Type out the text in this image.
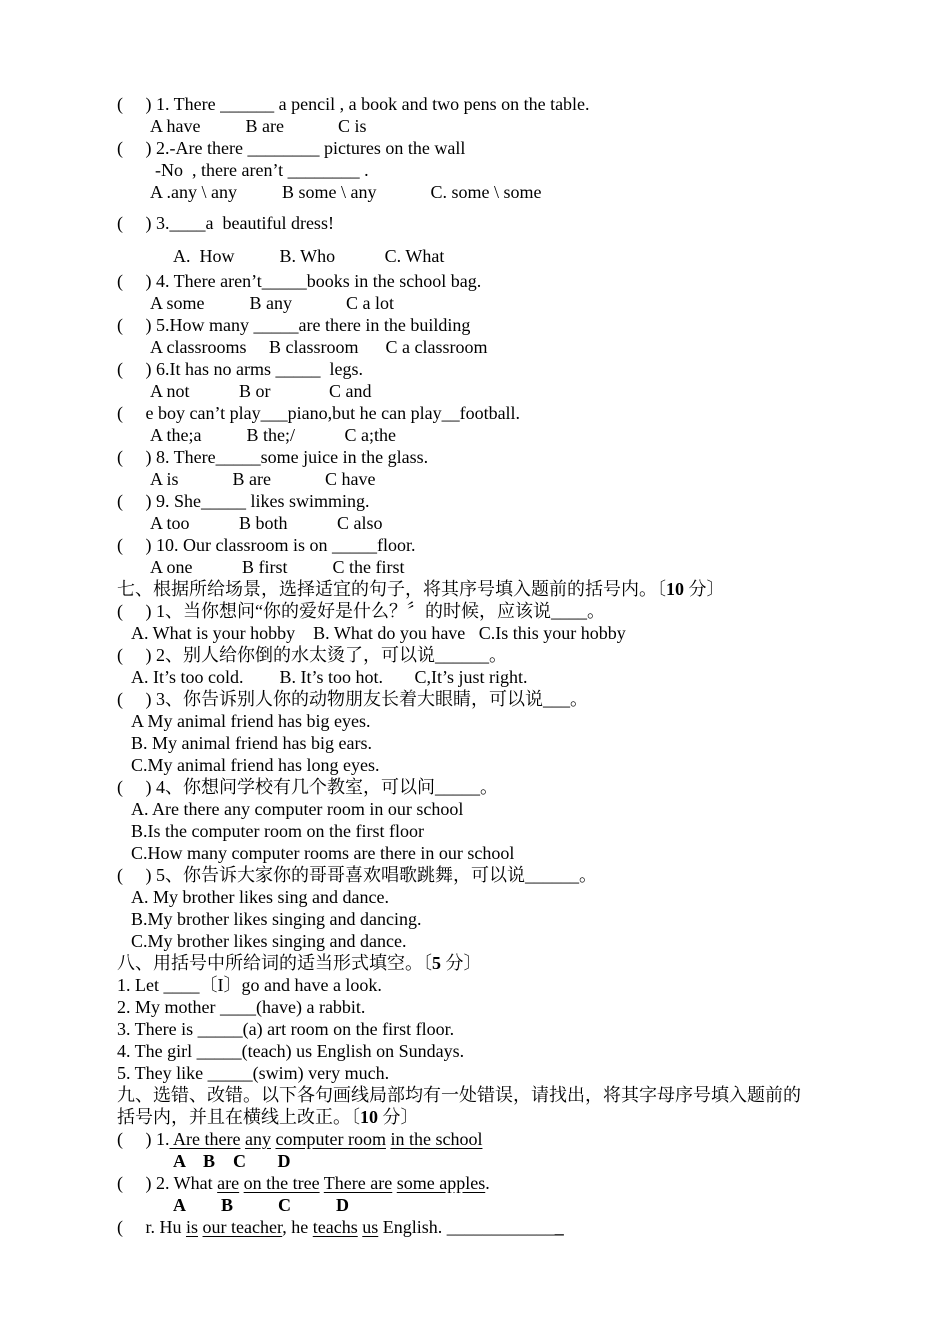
(     ) 1. There ______ a pencil , a book and two pens on the table.
A have          B are            C is
(     ) 2.-Are there ________ pictures on the wall
-No  , there aren’t ________ .
A .any \ any          B some \ any            C. some \ some
(     ) 3.____a  beautiful dress!
A.  How          B. Who           C. What
(     ) 4. There aren’t_____books in the school bag.
A some          B any            C a lot
(     ) 5.How many _____are there in the building
A classrooms     B classroom      C a classroom
(     ) 6.It has no arms _____  legs.
A not           B or             C and
(     e boy can’t play___piano,but he can play__football.
A the;a          B the;/           C a;the
(     ) 8. There_____some juice in the glass.
A is            B are            C have
(     ) 9. She_____ likes swimming.
A too           B both           C also
(     ) 10. Our classroom is on _____floor.
A one           B first          C the first
七、根据所给场景，选择适宜的句子，将其序号填入题前的括号内。〔10 分〕
(     ) 1、当你想问“你的爱好是什么？〞的时候，应该说____。
A. What is your hobby    B. What do you have   C.Is this your hobby
(     ) 2、别人给你倒的水太烫了，可以说______。
A. It’s too cold.        B. It’s too hot.       C,It’s just right.
(     ) 3、你告诉别人你的动物朋友长着大眼睛，可以说___。
A My animal friend has big eyes.
B. My animal friend has big ears.
C.My animal friend has long eyes.
(     ) 4、你想问学校有几个教室，可以问_____。
A. Are there any computer room in our school
B.Is the computer room on the first floor
C.How many computer rooms are there in our school
(     ) 5、你告诉大家你的哥哥喜欢唱歌跳舞，可以说______。
A. My brother likes sing and dance.
B.My brother likes singing and dancing.
C.My brother likes singing and dance.
八、用括号中所给词的适当形式填空。〔5 分〕
1. Let ____〔I〕go and have a look.
2. My mother ____(have) a rabbit.
3. There is _____(a) art room on the first floor.
4. The girl _____(teach) us English on Sundays.
5. They like _____(swim) very much.
九、选错、改错。以下各句画线局部均有一处错误，请找出，将其字母序号填入题前的
括号内，并且在横线上改正。〔10 分〕
(     ) 1. Are there any computer room in the school
A    B    C       D
(     ) 2. What are on the tree There are some apples.
A        B          C          D
(     r. Hu is our teacher, he teachs us English. _____________
